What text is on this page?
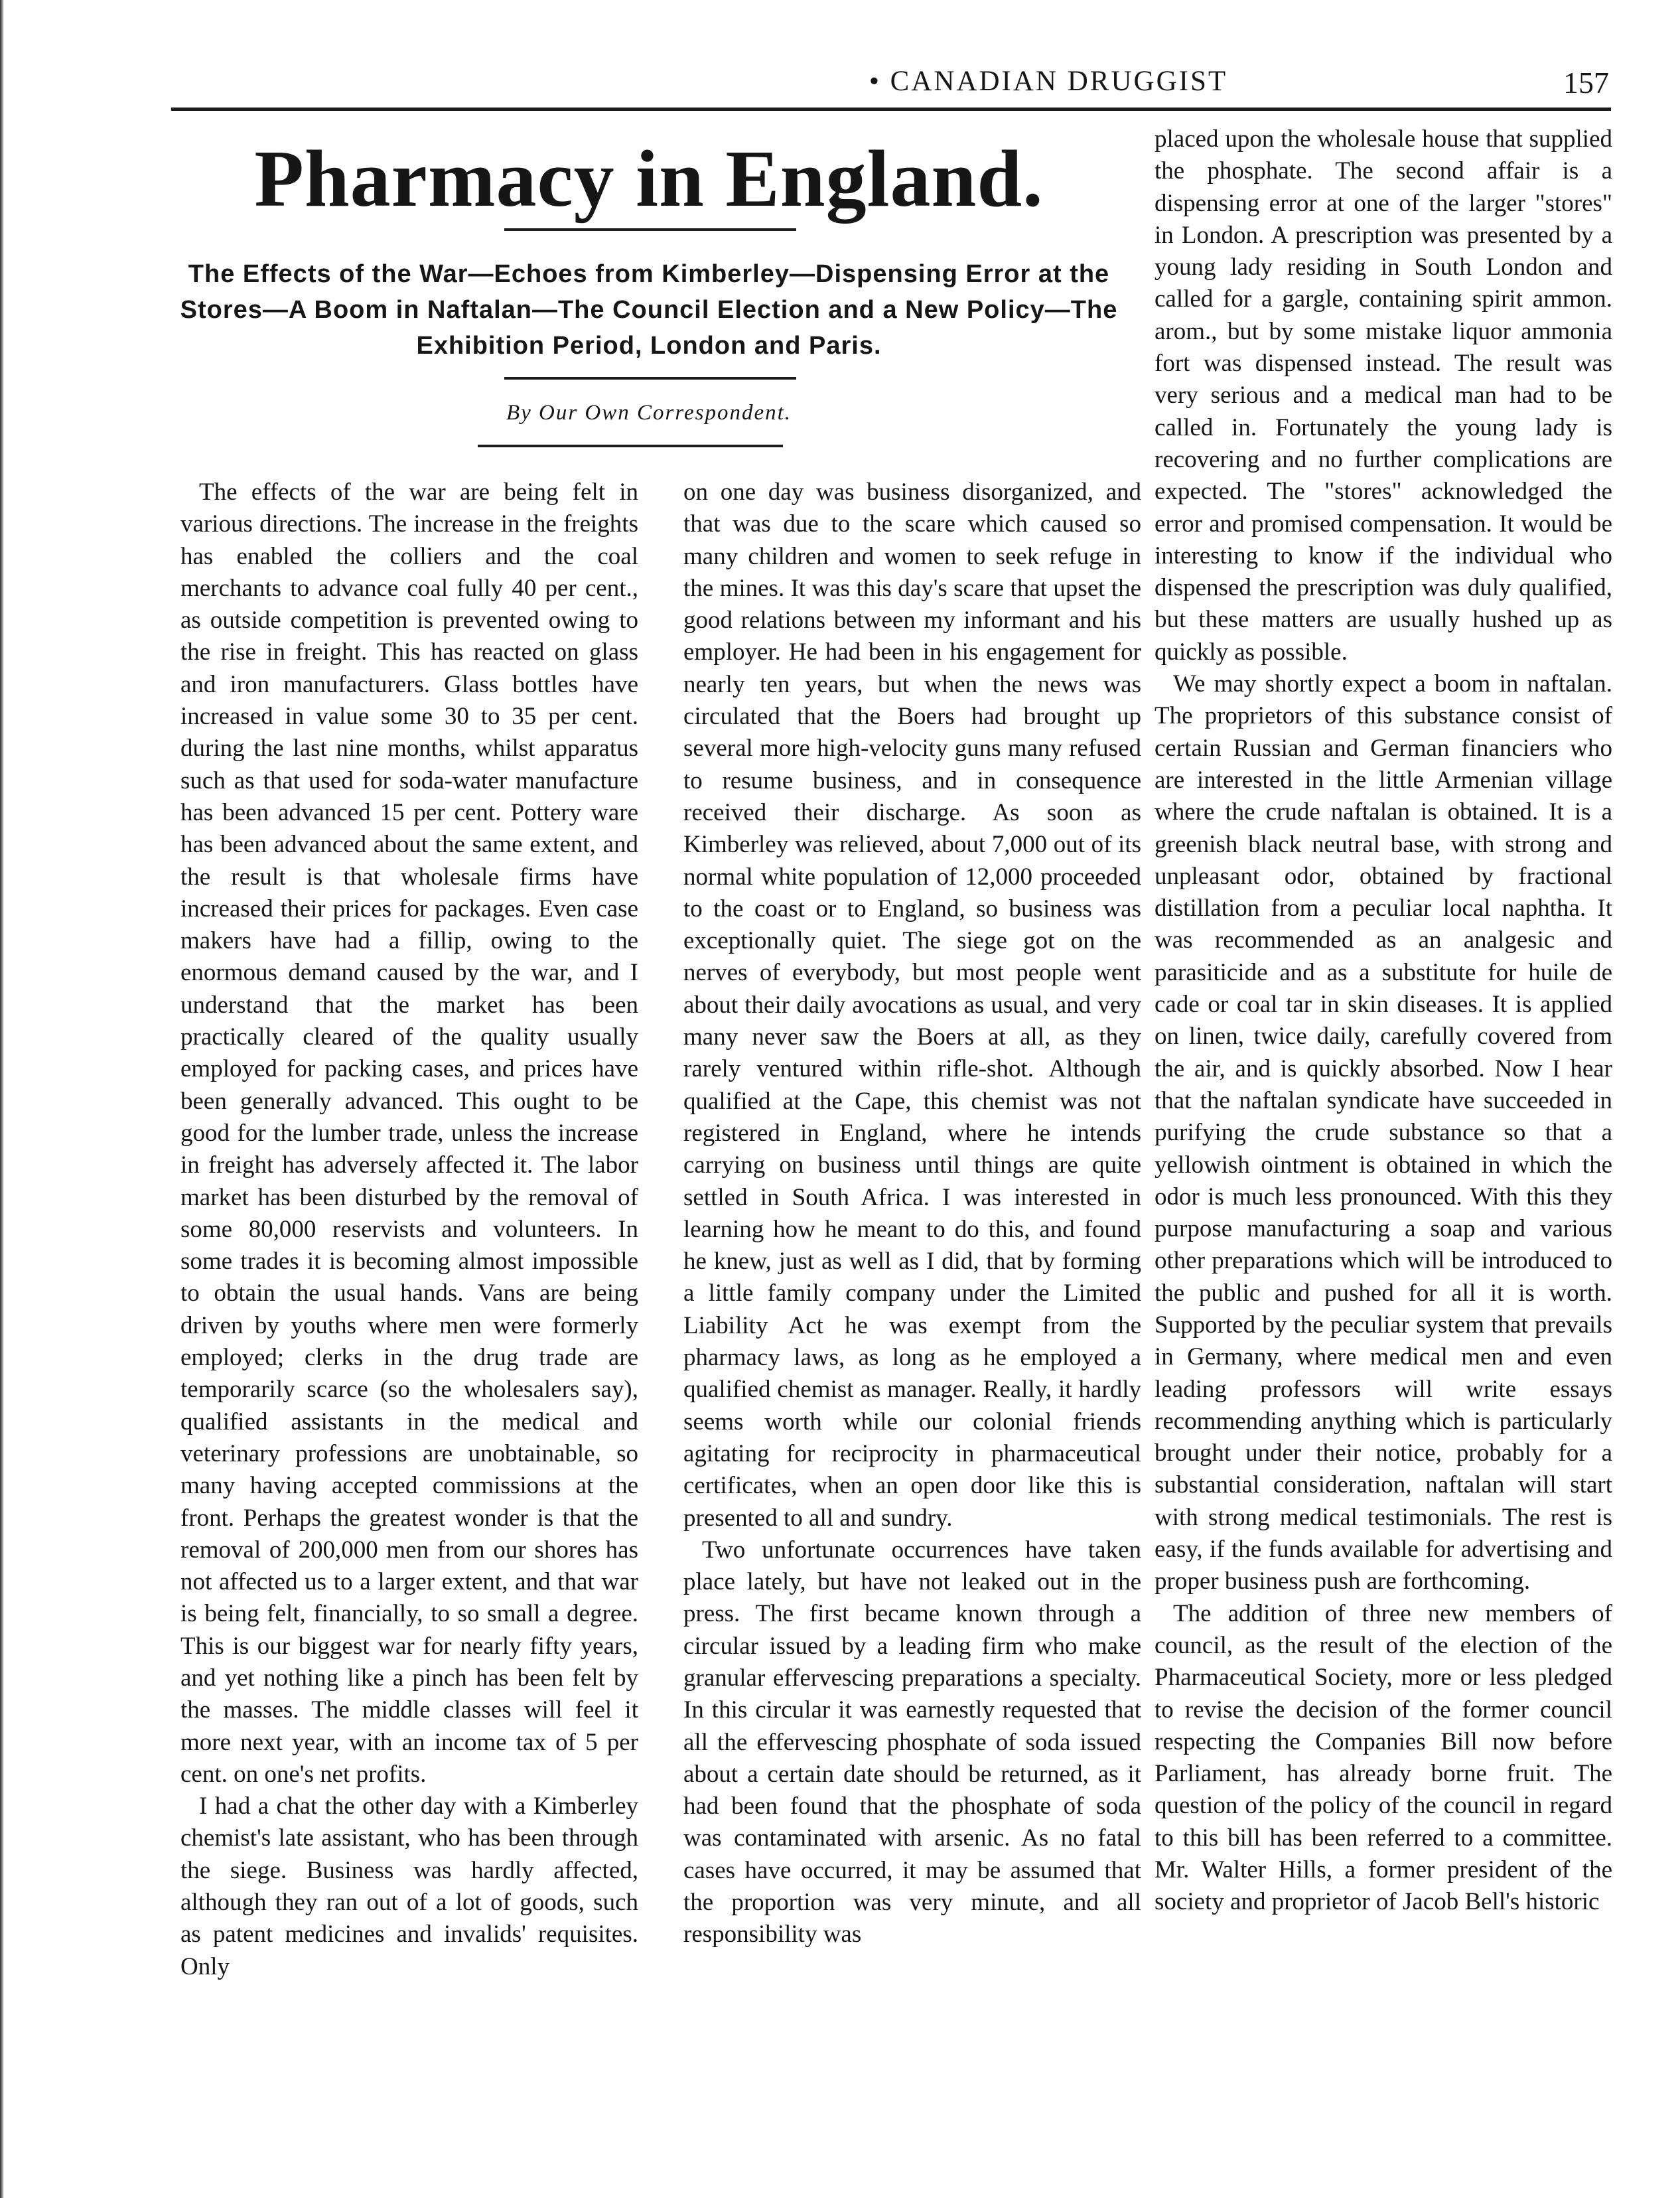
• CANADIAN DRUGGIST	157
Pharmacy in England.

The Effects of the War—Echoes from Kimberley—Dispensing Error at the Stores—A Boom in Naftalan—The Council Election and a New Policy—The Exhibition Period, London and Paris.

By Our Own Correspondent.

The effects of the war are being felt in various directions. The increase in the freights has enabled the colliers and the coal merchants to advance coal fully 40 per cent., as outside competition is prevented owing to the rise in freight. This has reacted on glass and iron manufacturers. Glass bottles have increased in value some 30 to 35 per cent. during the last nine months, whilst apparatus such as that used for soda-water manufacture has been advanced 15 per cent. Pottery ware has been advanced about the same extent, and the result is that wholesale firms have increased their prices for packages. Even case makers have had a fillip, owing to the enormous demand caused by the war, and I understand that the market has been practically cleared of the quality usually employed for packing cases, and prices have been generally advanced. This ought to be good for the lumber trade, unless the increase in freight has adversely affected it. The labor market has been disturbed by the removal of some 80,000 reservists and volunteers. In some trades it is becoming almost impossible to obtain the usual hands. Vans are being driven by youths where men were formerly employed; clerks in the drug trade are temporarily scarce (so the wholesalers say), qualified assistants in the medical and veterinary professions are unobtainable, so many having accepted commissions at the front. Perhaps the greatest wonder is that the removal of 200,000 men from our shores has not affected us to a larger extent, and that war is being felt, financially, to so small a degree. This is our biggest war for nearly fifty years, and yet nothing like a pinch has been felt by the masses. The middle classes will feel it more next year, with an income tax of 5 per cent. on one's net profits.

I had a chat the other day with a Kimberley chemist's late assistant, who has been through the siege. Business was hardly affected, although they ran out of a lot of goods, such as patent medicines and invalids' requisites. Only

on one day was business disorganized, and that was due to the scare which caused so many children and women to seek refuge in the mines. It was this day's scare that upset the good relations between my informant and his employer. He had been in his engagement for nearly ten years, but when the news was circulated that the Boers had brought up several more high-velocity guns many refused to resume business, and in consequence received their discharge. As soon as Kimberley was relieved, about 7,000 out of its normal white population of 12,000 proceeded to the coast or to England, so business was exceptionally quiet. The siege got on the nerves of everybody, but most people went about their daily avocations as usual, and very many never saw the Boers at all, as they rarely ventured within rifle-shot. Although qualified at the Cape, this chemist was not registered in England, where he intends carrying on business until things are quite settled in South Africa. I was interested in learning how he meant to do this, and found he knew, just as well as I did, that by forming a little family company under the Limited Liability Act he was exempt from the pharmacy laws, as long as he employed a qualified chemist as manager. Really, it hardly seems worth while our colonial friends agitating for reciprocity in pharmaceutical certificates, when an open door like this is presented to all and sundry.

Two unfortunate occurrences have taken place lately, but have not leaked out in the press. The first became known through a circular issued by a leading firm who make granular effervescing preparations a specialty. In this circular it was earnestly requested that all the effervescing phosphate of soda issued about a certain date should be returned, as it had been found that the phosphate of soda was contaminated with arsenic. As no fatal cases have occurred, it may be assumed that the proportion was very minute, and all responsibility was

placed upon the wholesale house that supplied the phosphate. The second affair is a dispensing error at one of the larger "stores" in London. A prescription was presented by a young lady residing in South London and called for a gargle, containing spirit ammon. arom., but by some mistake liquor ammonia fort was dispensed instead. The result was very serious and a medical man had to be called in. Fortunately the young lady is recovering and no further complications are expected. The "stores" acknowledged the error and promised compensation. It would be interesting to know if the individual who dispensed the prescription was duly qualified, but these matters are usually hushed up as quickly as possible.

We may shortly expect a boom in naftalan. The proprietors of this substance consist of certain Russian and German financiers who are interested in the little Armenian village where the crude naftalan is obtained. It is a greenish black neutral base, with strong and unpleasant odor, obtained by fractional distillation from a peculiar local naphtha. It was recommended as an analgesic and parasiticide and as a substitute for huile de cade or coal tar in skin diseases. It is applied on linen, twice daily, carefully covered from the air, and is quickly absorbed. Now I hear that the naftalan syndicate have succeeded in purifying the crude substance so that a yellowish ointment is obtained in which the odor is much less pronounced. With this they purpose manufacturing a soap and various other preparations which will be introduced to the public and pushed for all it is worth. Supported by the peculiar system that prevails in Germany, where medical men and even leading professors will write essays recommending anything which is particularly brought under their notice, probably for a substantial consideration, naftalan will start with strong medical testimonials. The rest is easy, if the funds available for advertising and proper business push are forthcoming.

The addition of three new members of council, as the result of the election of the Pharmaceutical Society, more or less pledged to revise the decision of the former council respecting the Companies Bill now before Parliament, has already borne fruit. The question of the policy of the council in regard to this bill has been referred to a committee. Mr. Walter Hills, a former president of the society and proprietor of Jacob Bell's historic
